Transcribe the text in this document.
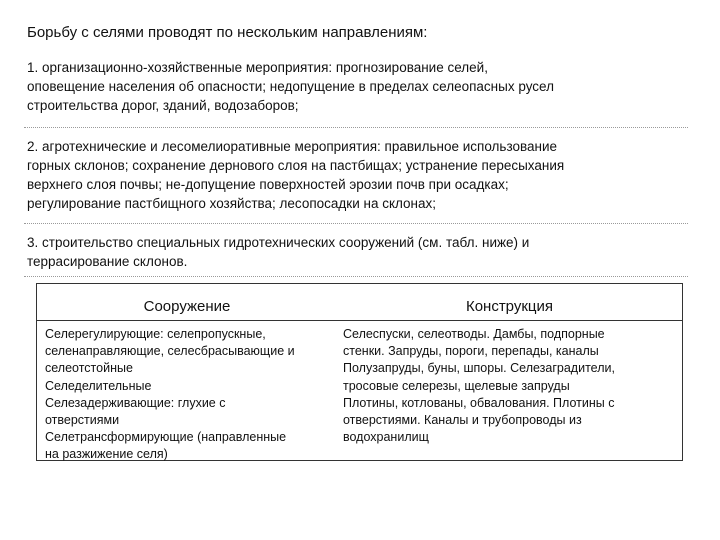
Борьбу с селями проводят по нескольким направлениям:
1. организационно-хозяйственные мероприятия: прогнозирование селей,
оповещение населения об опасности; недопущение в пределах селеопасных русел
строительства дорог, зданий, водозаборов;
2. агротехнические и лесомелиоративные мероприятия: правильное использование
горных склонов; сохранение дернового слоя на пастбищах; устранение пересыхания
верхнего слоя почвы; не-допущение поверхностей эрозии почв при осадках;
регулирование пастбищного хозяйства; лесопосадки на склонах;
3. строительство специальных гидротехнических сооружений (см. табл. ниже) и
террасирование склонов.
Сооружение	Конструкция
Селерегулирующие: селепропускные,
селенаправляющие, селесбрасывающие и
селеотстойные
Селеделительные
Селезадерживающие: глухие с
отверстиями
Селетрансформирующие (направленные
на разжижение селя)
Селеспуски, селеотводы. Дамбы, подпорные
стенки. Запруды, пороги, перепады, каналы
Полузапруды, буны, шпоры. Селезаградители,
тросовые селерезы, щелевые запруды
Плотины, котлованы, обвалования. Плотины с
отверстиями. Каналы и трубопроводы из
водохранилищ
